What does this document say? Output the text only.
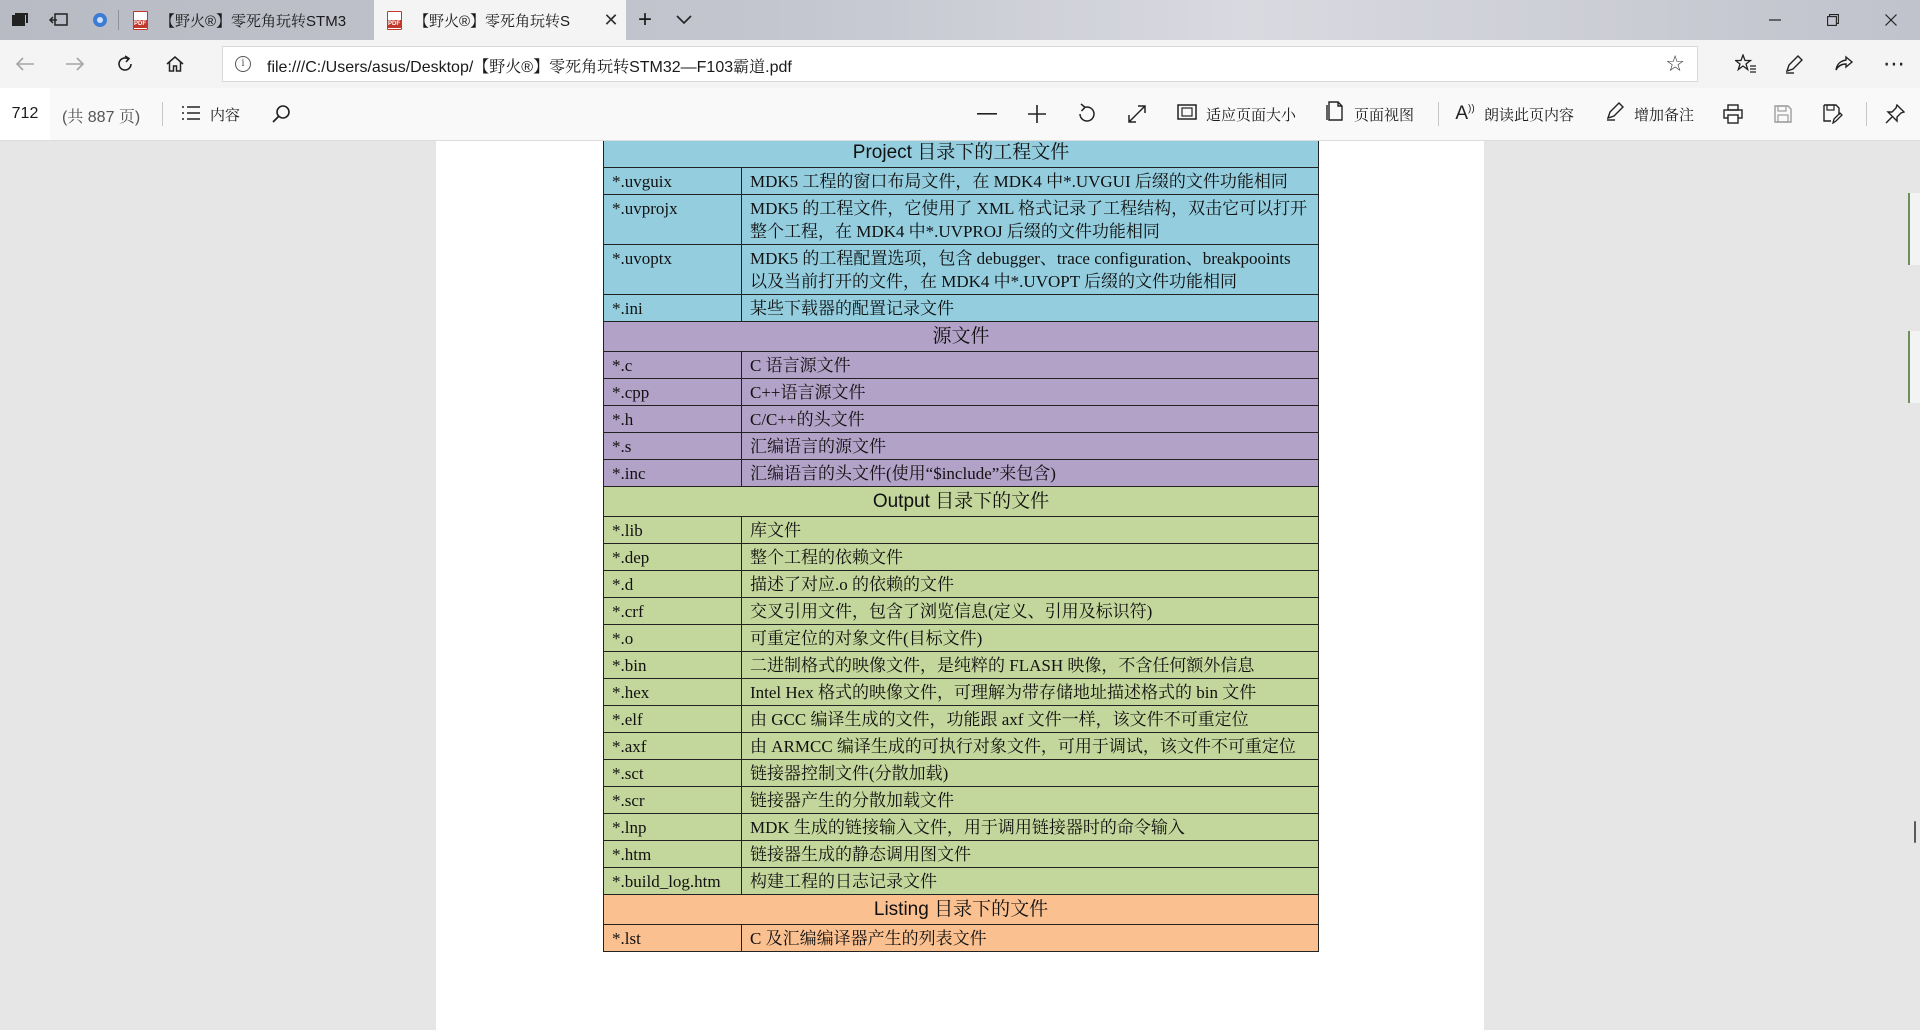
PDF
【野火®】零死角玩转STM3 PDF	【野火®】零死角玩转S	✕ +
i	file:///C:/Users/asus/Desktop/【野火®】零死角玩转STM32—F103霸道.pdf	☆	⋯
712	(共 887 页)	内容	适应页面大小	页面视图 A)) 朗读此页内容	增加备注
Project 目录下的工程文件	
*.uvguix	MDK5 工程的窗口布局文件，在 MDK4 中*.UVGUI 后缀的文件功能相同
*.uvprojx	MDK5 的工程文件，它使用了 XML 格式记录了工程结构，双击它可以打开整个工程，在 MDK4 中*.UVPROJ 后缀的文件功能相同
*.uvoptx	MDK5 的工程配置选项，包含 debugger、trace configuration、breakpooints 以及当前打开的文件，在 MDK4 中*.UVOPT 后缀的文件功能相同
*.ini	某些下载器的配置记录文件
源文件	
*.c	C 语言源文件
*.cpp	C++语言源文件
*.h	C/C++的头文件
*.s	汇编语言的源文件
*.inc	汇编语言的头文件(使用“$include”来包含)
Output 目录下的文件	
*.lib	库文件
*.dep	整个工程的依赖文件
*.d	描述了对应.o 的依赖的文件
*.crf	交叉引用文件，包含了浏览信息(定义、引用及标识符)
*.o	可重定位的对象文件(目标文件)
*.bin	二进制格式的映像文件，是纯粹的 FLASH 映像，不含任何额外信息
*.hex	Intel Hex 格式的映像文件，可理解为带存储地址描述格式的 bin 文件
*.elf	由 GCC 编译生成的文件，功能跟 axf 文件一样，该文件不可重定位
*.axf	由 ARMCC 编译生成的可执行对象文件，可用于调试，该文件不可重定位
*.sct	链接器控制文件(分散加载)
*.scr	链接器产生的分散加载文件
*.lnp	MDK 生成的链接输入文件，用于调用链接器时的命令输入
*.htm	链接器生成的静态调用图文件
*.build_log.htm	构建工程的日志记录文件
Listing 目录下的文件	
*.lst	C 及汇编编译器产生的列表文件
